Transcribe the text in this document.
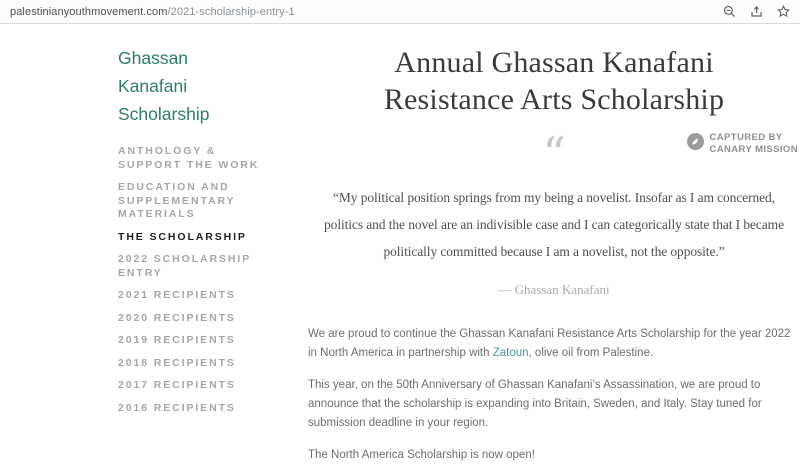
palestinianyouthmovement.com/2021-scholarship-entry-1
Ghassan Kanafani Scholarship
ANTHOLOGY & SUPPORT THE WORK
EDUCATION AND SUPPLEMENTARY MATERIALS
THE SCHOLARSHIP
2022 SCHOLARSHIP ENTRY
2021 RECIPIENTS
2020 RECIPIENTS
2019 RECIPIENTS
2018 RECIPIENTS
2017 RECIPIENTS
2016 RECIPIENTS
Annual Ghassan Kanafani
Resistance Arts Scholarship
“	CAPTURED BY
CANARY MISSION
“My political position springs from my being a novelist. Insofar as I am concerned, politics and the novel are an indivisible case and I can categorically state that I became politically committed because I am a novelist, not the opposite.”
— Ghassan Kanafani

We are proud to continue the Ghassan Kanafani Resistance Arts Scholarship for the year 2022 in North America in partnership with Zatoun, olive oil from Palestine.

This year, on the 50th Anniversary of Ghassan Kanafani’s Assassination, we are proud to announce that the scholarship is expanding into Britain, Sweden, and Italy. Stay tuned for submission deadline in your region.

The North America Scholarship is now open!
